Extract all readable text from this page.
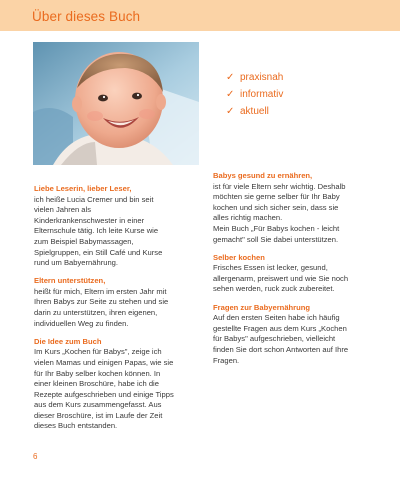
Über dieses Buch
✓ praxisnah
✓ informativ
✓ aktuell

Liebe Leserin, lieber Leser,

ich heiße Lucia Cremer und bin seit
vielen Jahren als
Kinderkrankenschwester in einer
Elternschule tätig. Ich leite Kurse wie
zum Beispiel Babymassagen,
Spielgruppen, ein Still Café und Kurse
rund um Babyernährung.

Eltern unterstützen,

heißt für mich, Eltern im ersten Jahr mit
Ihren Babys zur Seite zu stehen und sie
darin zu unterstützen, ihren eigenen,
individuellen Weg zu finden.

Die Idee zum Buch

Im Kurs „Kochen für Babys", zeige ich
vielen Mamas und einigen Papas, wie sie
für Ihr Baby selber kochen können. In
einer kleinen Broschüre, habe ich die
Rezepte aufgeschrieben und einige Tipps
aus dem Kurs zusammengefasst. Aus
dieser Broschüre, ist im Laufe der Zeit
dieses Buch entstanden.

Babys gesund zu ernähren,

ist für viele Eltern sehr wichtig. Deshalb
möchten sie gerne selber für Ihr Baby
kochen und sich sicher sein, dass sie
alles richtig machen.
Mein Buch „Für Babys kochen - leicht
gemacht" soll Sie dabei unterstützen.

Selber kochen

Frisches Essen ist lecker, gesund,
allergenarm, preiswert und wie Sie noch
sehen werden, ruck zuck zubereitet.

Fragen zur Babyernährung

Auf den ersten Seiten habe ich häufig
gestellte Fragen aus dem Kurs „Kochen
für Babys" aufgeschrieben, vielleicht
finden Sie dort schon Antworten auf Ihre
Fragen.

6
